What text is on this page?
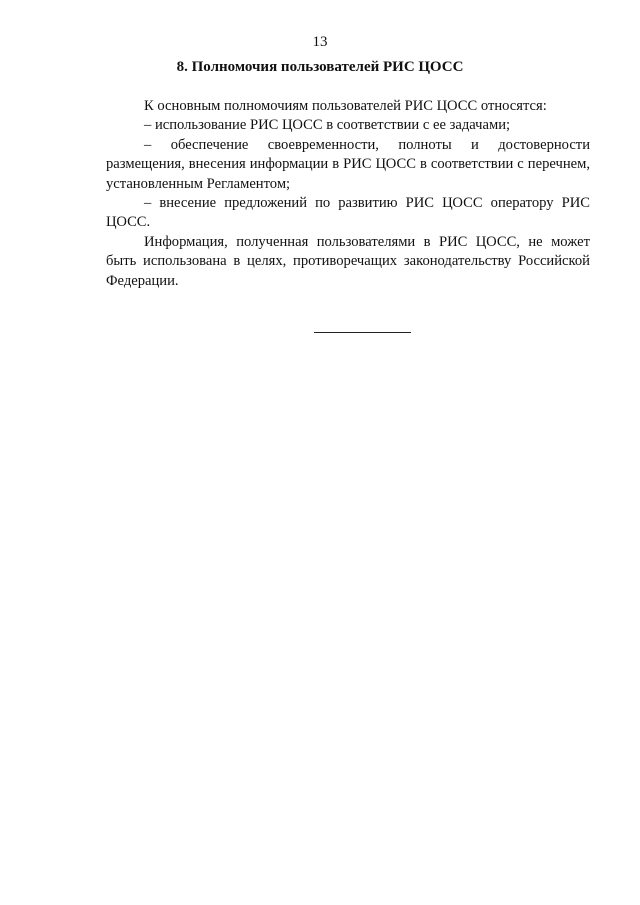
13
8. Полномочия пользователей РИС ЦОСС

К основным полномочиям пользователей РИС ЦОСС относятся:

– использование РИС ЦОСС в соответствии с ее задачами;

– обеспечение своевременности, полноты и достоверности размещения, внесения информации в РИС ЦОСС в соответствии с перечнем, установленным Регламентом;

– внесение предложений по развитию РИС ЦОСС оператору РИС ЦОСС.

Информация, полученная пользователями в РИС ЦОСС, не может быть использована в целях, противоречащих законодательству Российской Федерации.
